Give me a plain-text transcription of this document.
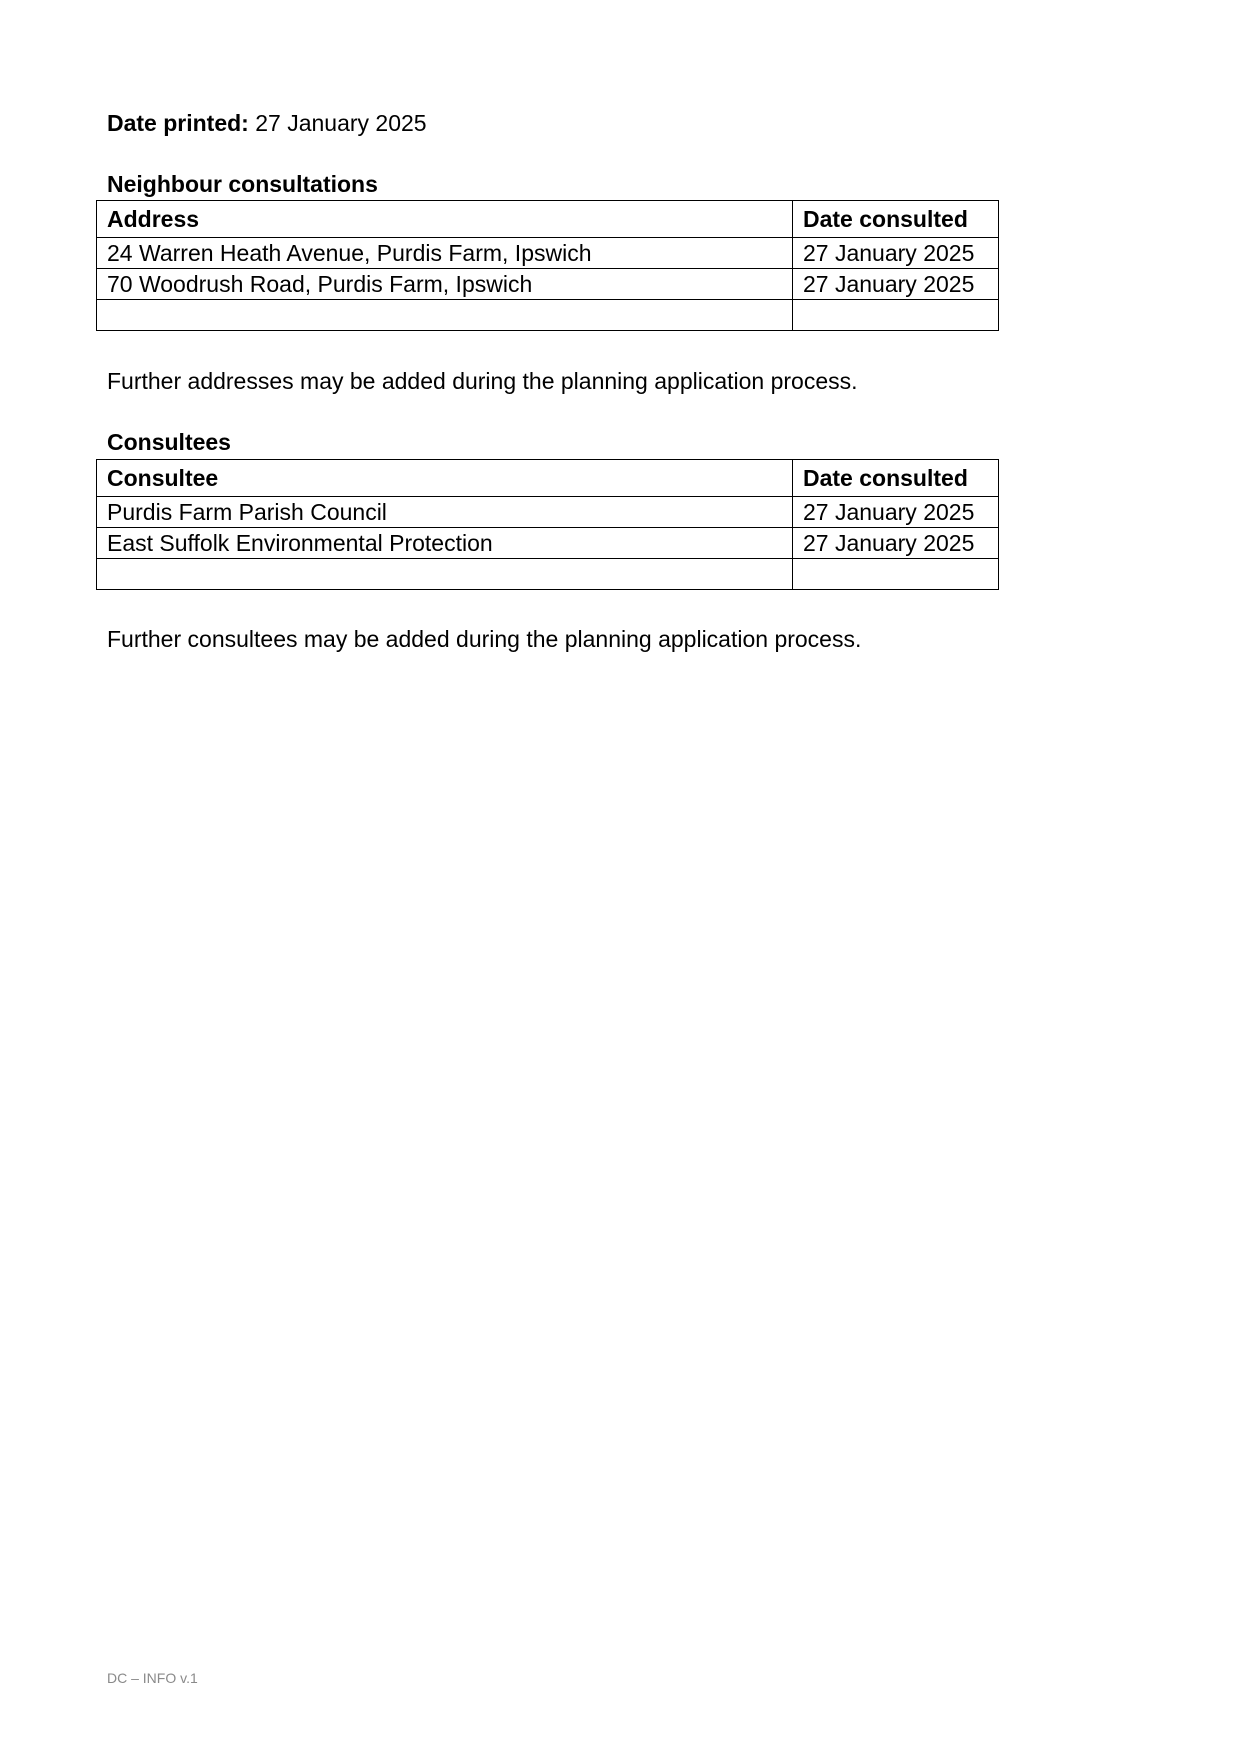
Date printed: 27 January 2025
Neighbour consultations
Address	Date consulted
24 Warren Heath Avenue, Purdis Farm, Ipswich	27 January 2025
70 Woodrush Road, Purdis Farm, Ipswich	27 January 2025

Further addresses may be added during the planning application process.
Consultees
Consultee	Date consulted
Purdis Farm Parish Council	27 January 2025
East Suffolk Environmental Protection	27 January 2025

Further consultees may be added during the planning application process.
DC – INFO v.1
